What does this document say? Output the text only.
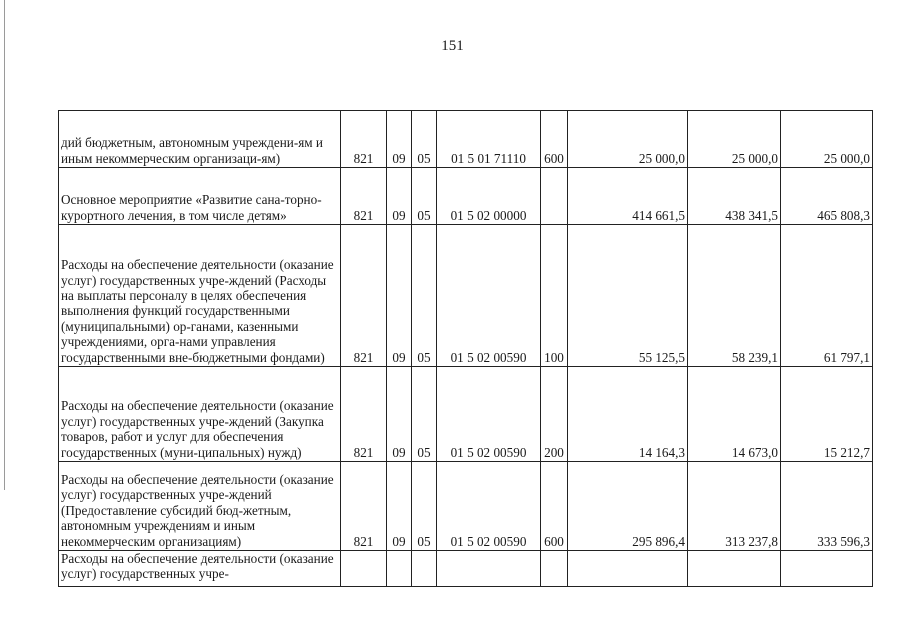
151
дий бюджетным, автономным учреждени-ям и иным некоммерческим организаци-ям)	821	09	05	01 5 01 71110	600	25 000,0	25 000,0	25 000,0

Основное мероприятие «Развитие сана-торно-курортного лечения, в том числе детям»	821	09	05	01 5 02 00000		414 661,5	438 341,5	465 808,3

Расходы на обеспечение деятельности (оказание услуг) государственных учре-ждений (Расходы на выплаты персоналу в целях обеспечения выполнения функций государственными (муниципальными) ор-ганами, казенными учреждениями, орга-нами управления государственными вне-бюджетными фондами)	821	09	05	01 5 02 00590	100	55 125,5	58 239,1	61 797,1

Расходы на обеспечение деятельности (оказание услуг) государственных учре-ждений (Закупка товаров, работ и услуг для обеспечения государственных (муни-ципальных) нужд)	821	09	05	01 5 02 00590	200	14 164,3	14 673,0	15 212,7

Расходы на обеспечение деятельности (оказание услуг) государственных учре-ждений (Предоставление субсидий бюд-жетным, автономным учреждениям и иным некоммерческим организациям)	821	09	05	01 5 02 00590	600	295 896,4	313 237,8	333 596,3

Расходы на обеспечение деятельности (оказание услуг) государственных учре-								
